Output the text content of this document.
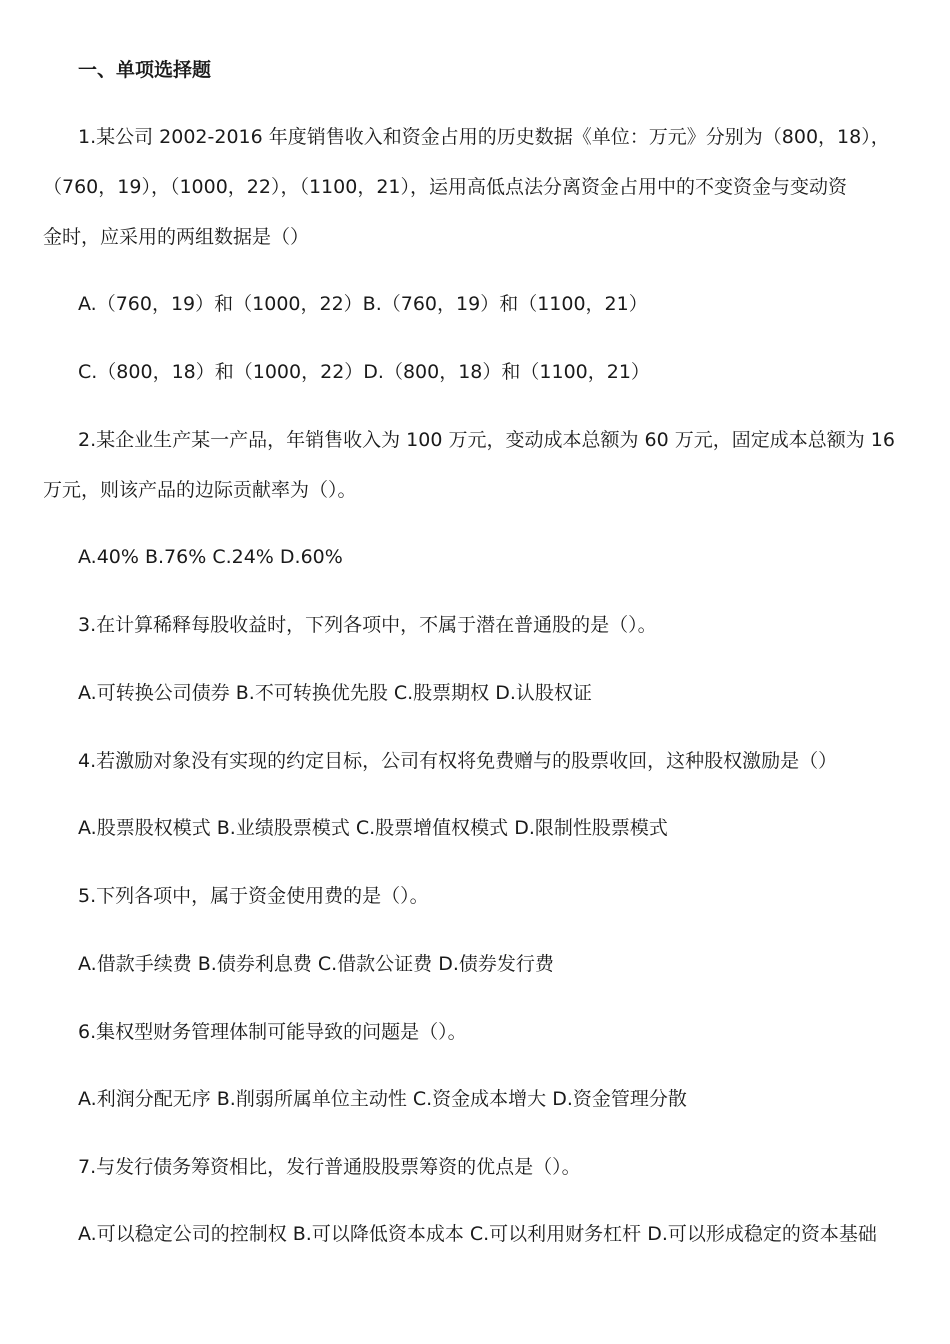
一、单项选择题
1.某公司 2002-2016 年度销售收入和资金占用的历史数据《单位：万元》分别为（800，18），
（760，19），（1000，22），（1100，21），运用高低点法分离资金占用中的不变资金与变动资
金时，应采用的两组数据是（）
A.（760，19）和（1000，22）B.（760，19）和（1100，21）
C.（800，18）和（1000，22）D.（800，18）和（1100，21）
2.某企业生产某一产品，年销售收入为 100 万元，变动成本总额为 60 万元，固定成本总额为 16
万元，则该产品的边际贡献率为（）。
A.40% B.76% C.24% D.60%
3.在计算稀释每股收益时，下列各项中，不属于潜在普通股的是（）。
A.可转换公司债券 B.不可转换优先股 C.股票期权 D.认股权证
4.若激励对象没有实现的约定目标，公司有权将免费赠与的股票收回，这种股权激励是（）
A.股票股权模式 B.业绩股票模式 C.股票增值权模式 D.限制性股票模式
5.下列各项中，属于资金使用费的是（）。
A.借款手续费 B.债券利息费 C.借款公证费 D.债券发行费
6.集权型财务管理体制可能导致的问题是（）。
A.利润分配无序 B.削弱所属单位主动性 C.资金成本增大 D.资金管理分散
7.与发行债务筹资相比，发行普通股股票筹资的优点是（）。
A.可以稳定公司的控制权 B.可以降低资本成本 C.可以利用财务杠杆 D.可以形成稳定的资本基础
